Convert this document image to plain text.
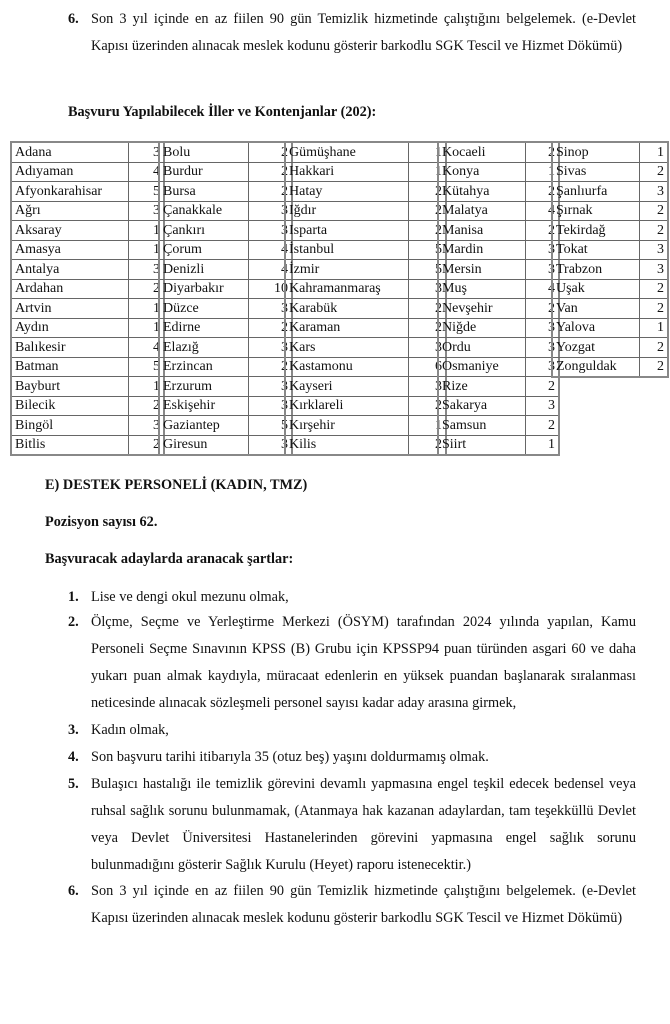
6. Son 3 yıl içinde en az fiilen 90 gün Temizlik hizmetinde çalıştığını belgelemek. (e-Devlet Kapısı üzerinden alınacak meslek kodunu gösterir barkodlu SGK Tescil ve Hizmet Dökümü)
Başvuru Yapılabilecek İller ve Kontenjanlar (202):
Adana	3
Adıyaman	4
Afyonkarahisar	5
Ağrı	3
Aksaray	1
Amasya	1
Antalya	3
Ardahan	2
Artvin	1
Aydın	1
Balıkesir	4
Batman	5
Bayburt	1
Bilecik	2
Bingöl	3
Bitlis	2
Bolu	2
Burdur	2
Bursa	2
Çanakkale	3
Çankırı	3
Çorum	4
Denizli	4
Diyarbakır	10
Düzce	3
Edirne	2
Elazığ	3
Erzincan	2
Erzurum	3
Eskişehir	3
Gaziantep	5
Giresun	3
Gümüşhane	1
Hakkari	1
Hatay	2
Iğdır	2
Isparta	2
İstanbul	5
İzmir	5
Kahramanmaraş	3
Karabük	2
Karaman	2
Kars	3
Kastamonu	6
Kayseri	3
Kırklareli	2
Kırşehir	1
Kilis	2
Kocaeli	2
Konya	1
Kütahya	2
Malatya	4
Manisa	2
Mardin	3
Mersin	3
Muş	4
Nevşehir	2
Niğde	3
Ordu	3
Osmaniye	3
Rize	2
Sakarya	3
Samsun	2
Siirt	1
Sinop	1
Sivas	2
Şanlıurfa	3
Şırnak	2
Tekirdağ	2
Tokat	3
Trabzon	3
Uşak	2
Van	2
Yalova	1
Yozgat	2
Zonguldak	2
E) DESTEK PERSONELİ (KADIN, TMZ)
Pozisyon sayısı 62.
Başvuracak adaylarda aranacak şartlar:
1. Lise ve dengi okul mezunu olmak,
2. Ölçme, Seçme ve Yerleştirme Merkezi (ÖSYM) tarafından 2024 yılında yapılan, Kamu Personeli Seçme Sınavının KPSS (B) Grubu için KPSSP94 puan türünden asgari 60 ve daha yukarı puan almak kaydıyla, müracaat edenlerin en yüksek puandan başlanarak sıralanması neticesinde alınacak sözleşmeli personel sayısı kadar aday arasına girmek,
3. Kadın olmak,
4. Son başvuru tarihi itibarıyla 35 (otuz beş) yaşını doldurmamış olmak.
5. Bulaşıcı hastalığı ile temizlik görevini devamlı yapmasına engel teşkil edecek bedensel veya ruhsal sağlık sorunu bulunmamak, (Atanmaya hak kazanan adaylardan, tam teşekküllü Devlet veya Devlet Üniversitesi Hastanelerinden görevini yapmasına engel sağlık sorunu bulunmadığını gösterir Sağlık Kurulu (Heyet) raporu istenecektir.)
6. Son 3 yıl içinde en az fiilen 90 gün Temizlik hizmetinde çalıştığını belgelemek. (e-Devlet Kapısı üzerinden alınacak meslek kodunu gösterir barkodlu SGK Tescil ve Hizmet Dökümü)
